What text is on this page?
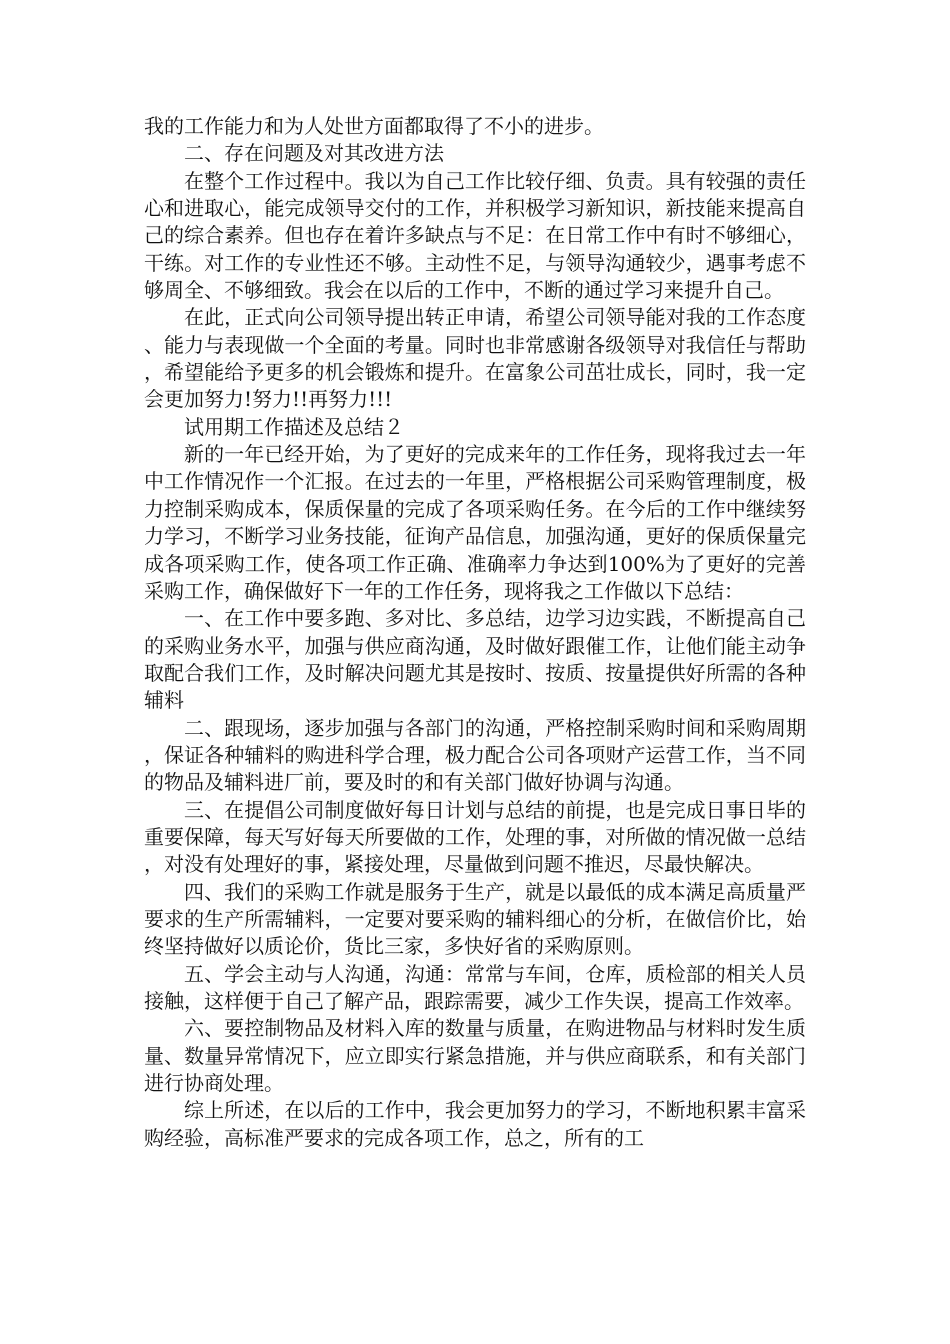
我的工作能力和为人处世方面都取得了不小的进步。

二、存在问题及对其改进方法

在整个工作过程中。我以为自己工作比较仔细、负责。具有较强的责任心和进取心，能完成领导交付的工作，并积极学习新知识，新技能来提高自己的综合素养。但也存在着许多缺点与不足：在日常工作中有时不够细心，干练。对工作的专业性还不够。主动性不足，与领导沟通较少，遇事考虑不够周全、不够细致。我会在以后的工作中，不断的通过学习来提升自己。

在此，正式向公司领导提出转正申请，希望公司领导能对我的工作态度、能力与表现做一个全面的考量。同时也非常感谢各级领导对我信任与帮助，希望能给予更多的机会锻炼和提升。在富象公司茁壮成长，同时，我一定会更加努力!努力!!再努力!!!

试用期工作描述及总结２

新的一年已经开始，为了更好的完成来年的工作任务，现将我过去一年中工作情况作一个汇报。在过去的一年里，严格根据公司采购管理制度，极力控制采购成本，保质保量的完成了各项采购任务。在今后的工作中继续努力学习，不断学习业务技能，征询产品信息，加强沟通，更好的保质保量完成各项采购工作，使各项工作正确、准确率力争达到100%为了更好的完善采购工作，确保做好下一年的工作任务，现将我之工作做以下总结：

一、在工作中要多跑、多对比、多总结，边学习边实践，不断提高自己的采购业务水平，加强与供应商沟通，及时做好跟催工作，让他们能主动争取配合我们工作，及时解决问题尤其是按时、按质、按量提供好所需的各种辅料

二、跟现场，逐步加强与各部门的沟通，严格控制采购时间和采购周期，保证各种辅料的购进科学合理，极力配合公司各项财产运营工作，当不同的物品及辅料进厂前，要及时的和有关部门做好协调与沟通。

三、在提倡公司制度做好每日计划与总结的前提，也是完成日事日毕的重要保障，每天写好每天所要做的工作，处理的事，对所做的情况做一总结，对没有处理好的事，紧接处理，尽量做到问题不推迟，尽最快解决。

四、我们的采购工作就是服务于生产，就是以最低的成本满足高质量严要求的生产所需辅料，一定要对要采购的辅料细心的分析，在做信价比，始终坚持做好以质论价，货比三家，多快好省的采购原则。

五、学会主动与人沟通，沟通：常常与车间，仓库，质检部的相关人员接触，这样便于自己了解产品，跟踪需要，减少工作失误，提高工作效率。

六、要控制物品及材料入库的数量与质量，在购进物品与材料时发生质量、数量异常情况下，应立即实行紧急措施，并与供应商联系，和有关部门进行协商处理。

综上所述，在以后的工作中，我会更加努力的学习，不断地积累丰富采购经验，高标准严要求的完成各项工作，总之，所有的工
